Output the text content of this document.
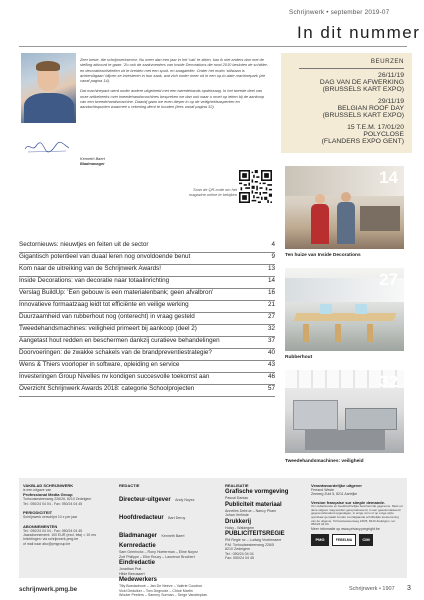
Schrijnwerk • september 2019-07
In dit nummer

Zeer beste, die schrijnwerksector. Nu meer dan een jaar in het 'vak' te zitten, kan ik niet anders dan met de stelling akkoord te gaan: 'Zo ook de zaakvoerders van Inside Decorations die rond 2010 besloten de schilder- en decoratieactiviteiten uit te breiden met een spuit- en zaagatelier. Onder het motto 'stilstaan is achteruitgaan' blijven ze investeren in hun zaak, wat zich onder meer uit in een up-to-date machinepark (zie vanaf pagina 14).

Dat machinepark werd onder andere uitgebreid met een tweedehands opdekzaag. In het tweede deel van onze artikelreeks over tweedehandsmachines bespreken we dan ook waar u moet op letten bij de aankoop van een tweedehandsmachine. Daarbij gaan we even dieper in op de veiligheidsaspecten en aandachtspunten waarmee u rekening dient te houden (lees vanaf pagina 32).

Kenneth Baert
Bladmanager
BEURZEN
26/11/19
DAG VAN DE AFWERKING
(BRUSSELS KART EXPO)
29/11/19
BELGIAN ROOF DAY
(BRUSSELS KART EXPO)
15 T.E.M. 17/01/20
POLYCLOSE
(FLANDERS EXPO GENT)
Scan de QR-code om het magazine online te bekijken
Sectornieuws: nieuwtjes en feiten uit de sector	4
Gigantisch potentieel van duaal leren nog onvoldoende benut	9
Kom naar de uitreiking van de Schrijnwerk Awards!	13
Inside Decorations: van decoratie naar totaalinrichting	14
Verslag BuildUp: 'Een gebouw is een materialenbank; geen afvalbron'	16
Innovatieve formaatzaag leidt tot efficiënte en veilige werking	21
Duurzaamheid van rubberhout nog (onterecht) in vraag gesteld	27
Tweedehandsmachines: veiligheid primeert bij aankoop (deel 2)	32
Aangetast hout redden en beschermen dankzij curatieve behandelingen	37
Doorvoeringen: de zwakke schakels van de brandpreventiestrategie?	40
Wens & Thiers voorloper in software, opleiding en service	43
Investeringen Group Nivelles nv kondigen succesvolle toekomst aan	46
Overzicht Schrijnwerk Awards 2018: categorie Schoolprojecten	57
14
Ten huize van Inside Decorations
27
Rubberhout
32
Tweedehandsmachines: veiligheid
VAKBLAD SCHRIJNWERK
is een uitgave van
Professional Media Group
Torhoutsesteenweg 226/26, 8210 Zedelgem
Tel.: 050/24 04 04 - Fax: 050/24 04 45
PERIODICITEIT
Schrijnwerk verschijnt 10 x per jaar
ABONNEMENTEN
Tel.: 050/24 04 04 - Fax: 050/24 04 45
Jaarabonnement: 100 EUR (excl. btw) = 10 nrs
Inlichtingen: via schrijnwerk.pmg.be
of mail naar abo@pmgroup.be
REDACTIE
Directeur-uitgever Andy Noyez
Hoofdredacteur Bart Deruy
Bladmanager Kenneth Baert
Kernredactie
Sam Geerinckx – Rony Hoeterman – Eline Noyez
Zoë Philippe – Elke Rouzy – Laurence Bruchert
Eindredactie
Jonathan Prat
Hilde Beeusaert
Medewerkers
Tilly Boedadroné – Jan De Neeve – Valérie Coudron
Vicki Deduiker – Tom Degroote – Chloé Martin
Wouter Peeters – Sammy Sorman – Serge Vandenplas
REALISATIE
Grafische vormgeving
Pascal Daniau
Publiciteit materiaal
Annelies Debrue – Nancy Pham
Johan Verlinde
Drukkerij
Hoisy - Waldegem
PUBLICITEITSREGIE
PM Regie nv – Ludwig Vroelenaere
P.M. Torhoutsesteenweg 226/5
8210 Zedelgem
Tel.: 050/24 04 04
Fax: 050/24 04 45
Verantwoordelijke uitgever
Ferrand Weste
Zeeweg Zuid 5, 8211 Aartrijke
Version française sur simple demande.
Om redactionele en beeldrechtelijke beschermde gegevens. Niets uit deze uitgave mag worden gereproduceerd, in een geautomatiseerd gegevensbestand opgeslagen, in enige vorm of op enige wijze openbaar gemaakt zonder voorafgaande schriftelijke toestemming van de uitgever, Torhoutsesteenweg 226/5, 8210 Zedelgem, tel. 050/24 04 04.
Meer informatie op www.privacy.pmgright.be
PMG	FEBELMA	CIM
schrijnwerk.pmg.be	Schrijnwerk • 1907 3
